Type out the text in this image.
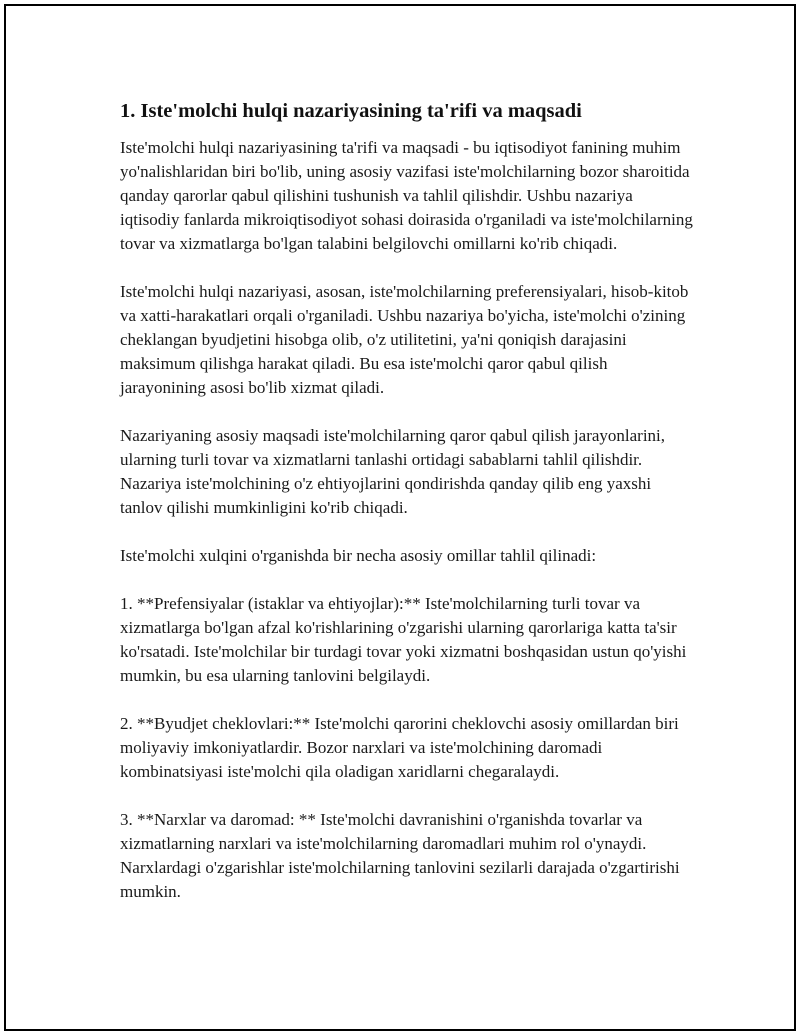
1. Iste'molchi hulqi nazariyasining ta'rifi va maqsadi

Iste'molchi hulqi nazariyasining ta'rifi va maqsadi - bu iqtisodiyot fanining muhim yo'nalishlaridan biri bo'lib, uning asosiy vazifasi iste'molchilarning bozor sharoitida qanday qarorlar qabul qilishini tushunish va tahlil qilishdir. Ushbu nazariya iqtisodiy fanlarda mikroiqtisodiyot sohasi doirasida o'rganiladi va iste'molchilarning tovar va xizmatlarga bo'lgan talabini belgilovchi omillarni ko'rib chiqadi.

Iste'molchi hulqi nazariyasi, asosan, iste'molchilarning preferensiyalari, hisob-kitob va xatti-harakatlari orqali o'rganiladi. Ushbu nazariya bo'yicha, iste'molchi o'zining cheklangan byudjetini hisobga olib, o'z utilitetini, ya'ni qoniqish darajasini maksimum qilishga harakat qiladi. Bu esa iste'molchi qaror qabul qilish jarayonining asosi bo'lib xizmat qiladi.

Nazariyaning asosiy maqsadi iste'molchilarning qaror qabul qilish jarayonlarini, ularning turli tovar va xizmatlarni tanlashi ortidagi sabablarni tahlil qilishdir. Nazariya iste'molchining o'z ehtiyojlarini qondirishda qanday qilib eng yaxshi tanlov qilishi mumkinligini ko'rib chiqadi.

Iste'molchi xulqini o'rganishda bir necha asosiy omillar tahlil qilinadi:

1. **Prefensiyalar (istaklar va ehtiyojlar):** Iste'molchilarning turli tovar va xizmatlarga bo'lgan afzal ko'rishlarining o'zgarishi ularning qarorlariga katta ta'sir ko'rsatadi. Iste'molchilar bir turdagi tovar yoki xizmatni boshqasidan ustun qo'yishi mumkin, bu esa ularning tanlovini belgilaydi.

2. **Byudjet cheklovlari:** Iste'molchi qarorini cheklovchi asosiy omillardan biri moliyaviy imkoniyatlardir. Bozor narxlari va iste'molchining daromadi kombinatsiyasi iste'molchi qila oladigan xaridlarni chegaralaydi.

3. **Narxlar va daromad: ** Iste'molchi davranishini o'rganishda tovarlar va xizmatlarning narxlari va iste'molchilarning daromadlari muhim rol o'ynaydi. Narxlardagi o'zgarishlar iste'molchilarning tanlovini sezilarli darajada o'zgartirishi mumkin.
